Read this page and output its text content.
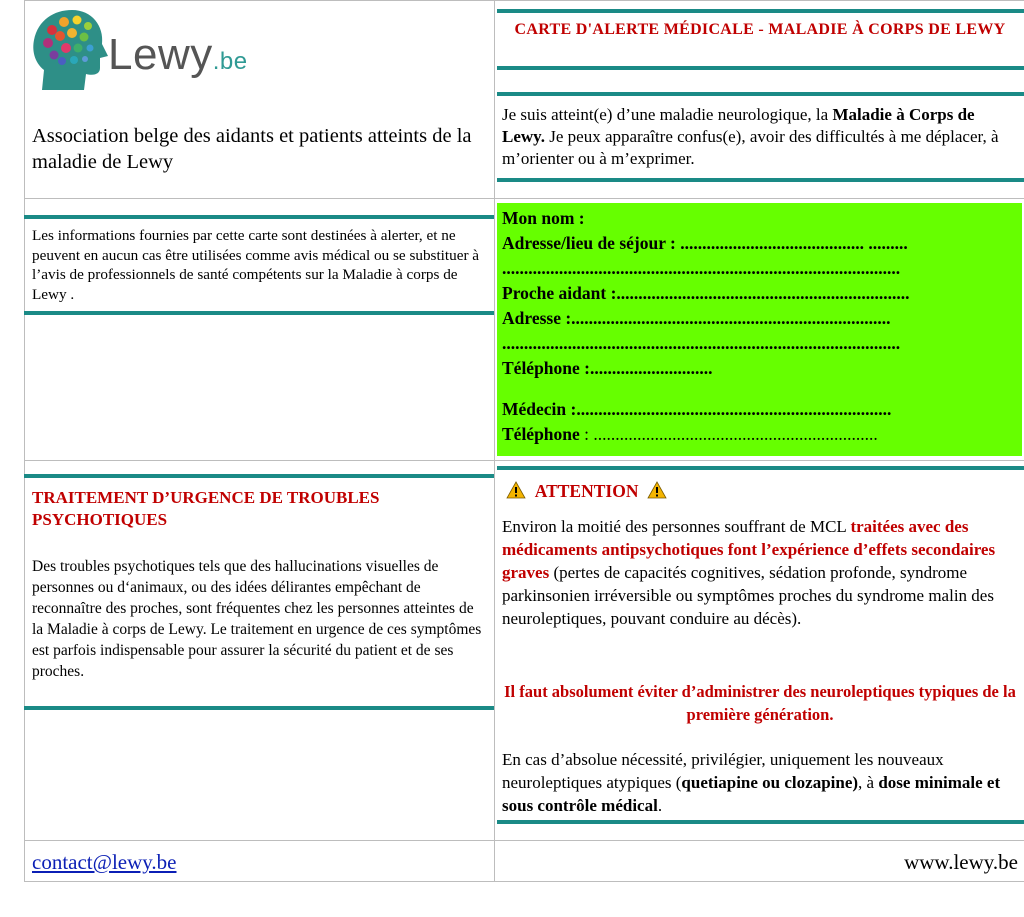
Lewy.be
Association belge des aidants et patients atteints de la maladie de Lewy
CARTE D'ALERTE MÉDICALE - MALADIE À CORPS DE LEWY
Je suis atteint(e) d’une maladie neurologique, la Maladie à Corps de Lewy. Je peux apparaître confus(e), avoir des difficultés à me déplacer, à m’orienter ou à m’exprimer.
Les informations fournies par cette carte sont destinées à alerter, et ne peuvent en aucun cas être utilisées comme avis médical ou se substituer à l’avis de professionnels de santé compétents sur la Maladie à corps de Lewy .
Mon nom :
Adresse/lieu de séjour : .......................................... .........
...........................................................................................
Proche aidant :...................................................................
Adresse :.........................................................................
...........................................................................................
Téléphone :............................
Médecin :........................................................................
Téléphone : .................................................................
TRAITEMENT D’URGENCE DE TROUBLES PSYCHOTIQUES
Des troubles psychotiques tels que des hallucinations visuelles de personnes ou d‘animaux, ou des idées délirantes empêchant de reconnaître des proches, sont fréquentes chez les personnes atteintes de la Maladie à corps de Lewy. Le traitement en urgence de ces symptômes est parfois indispensable pour assurer la sécurité du patient et de ses proches.
ATTENTION
Environ la moitié des personnes souffrant de MCL traitées avec des médicaments antipsychotiques font l’expérience d’effets secondaires graves (pertes de capacités cognitives, sédation profonde, syndrome parkinsonien irréversible ou symptômes proches du syndrome malin des neuroleptiques, pouvant conduire au décès).
Il faut absolument éviter d’administrer des neuroleptiques typiques de la première génération.
En cas d’absolue nécessité, privilégier, uniquement les nouveaux neuroleptiques atypiques (quetiapine ou clozapine), à dose minimale et sous contrôle médical.
contact@lewy.be	www.lewy.be
